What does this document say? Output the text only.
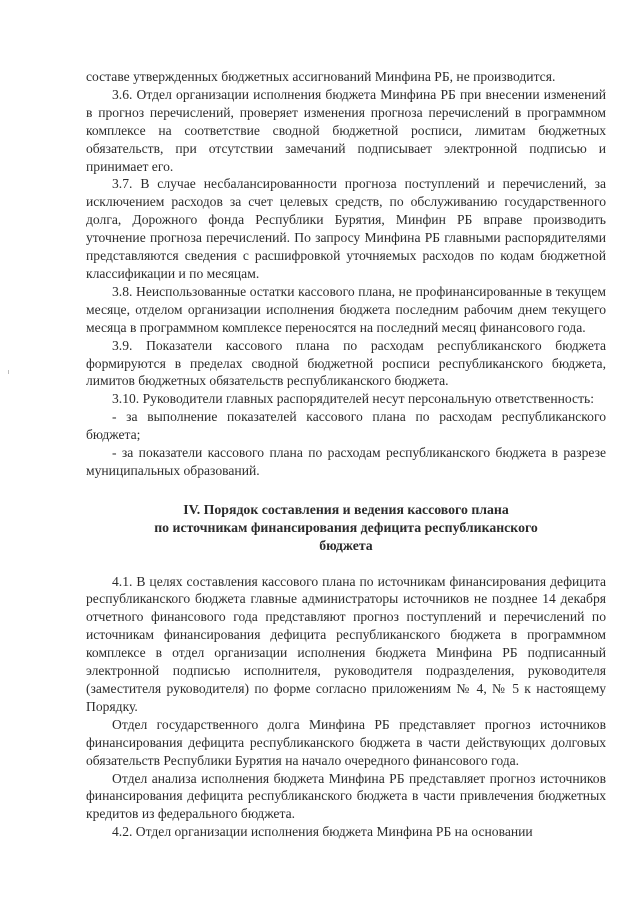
составе утвержденных бюджетных ассигнований Минфина РБ, не производится.

3.6. Отдел организации исполнения бюджета Минфина РБ при внесении изменений в прогноз перечислений, проверяет изменения прогноза перечислений в программном комплексе на соответствие сводной бюджетной росписи, лимитам бюджетных обязательств, при отсутствии замечаний подписывает электронной подписью и принимает его.

3.7. В случае несбалансированности прогноза поступлений и перечислений, за исключением расходов за счет целевых средств, по обслуживанию государственного долга, Дорожного фонда Республики Бурятия, Минфин РБ вправе производить уточнение прогноза перечислений. По запросу Минфина РБ главными распорядителями представляются сведения с расшифровкой уточняемых расходов по кодам бюджетной классификации и по месяцам.

3.8. Неиспользованные остатки кассового плана, не профинансированные в текущем месяце, отделом организации исполнения бюджета последним рабочим днем текущего месяца в программном комплексе переносятся на последний месяц финансового года.

3.9. Показатели кассового плана по расходам республиканского бюджета формируются в пределах сводной бюджетной росписи республиканского бюджета, лимитов бюджетных обязательств республиканского бюджета.

3.10. Руководители главных распорядителей несут персональную ответственность:

- за выполнение показателей кассового плана по расходам республиканского бюджета;

- за показатели кассового плана по расходам республиканского бюджета в разрезе муниципальных образований.

IV. Порядок составления и ведения кассового плана
по источникам финансирования дефицита республиканского
бюджета

4.1. В целях составления кассового плана по источникам финансирования дефицита республиканского бюджета главные администраторы источников не позднее 14 декабря отчетного финансового года представляют прогноз поступлений и перечислений по источникам финансирования дефицита республиканского бюджета в программном комплексе в отдел организации исполнения бюджета Минфина РБ подписанный электронной подписью исполнителя, руководителя подразделения, руководителя (заместителя руководителя) по форме согласно приложениям № 4, № 5 к настоящему Порядку.

Отдел государственного долга Минфина РБ представляет прогноз источников финансирования дефицита республиканского бюджета в части действующих долговых обязательств Республики Бурятия на начало очередного финансового года.

Отдел анализа исполнения бюджета Минфина РБ представляет прогноз источников финансирования дефицита республиканского бюджета в части привлечения бюджетных кредитов из федерального бюджета.

4.2. Отдел организации исполнения бюджета Минфина РБ на основании
